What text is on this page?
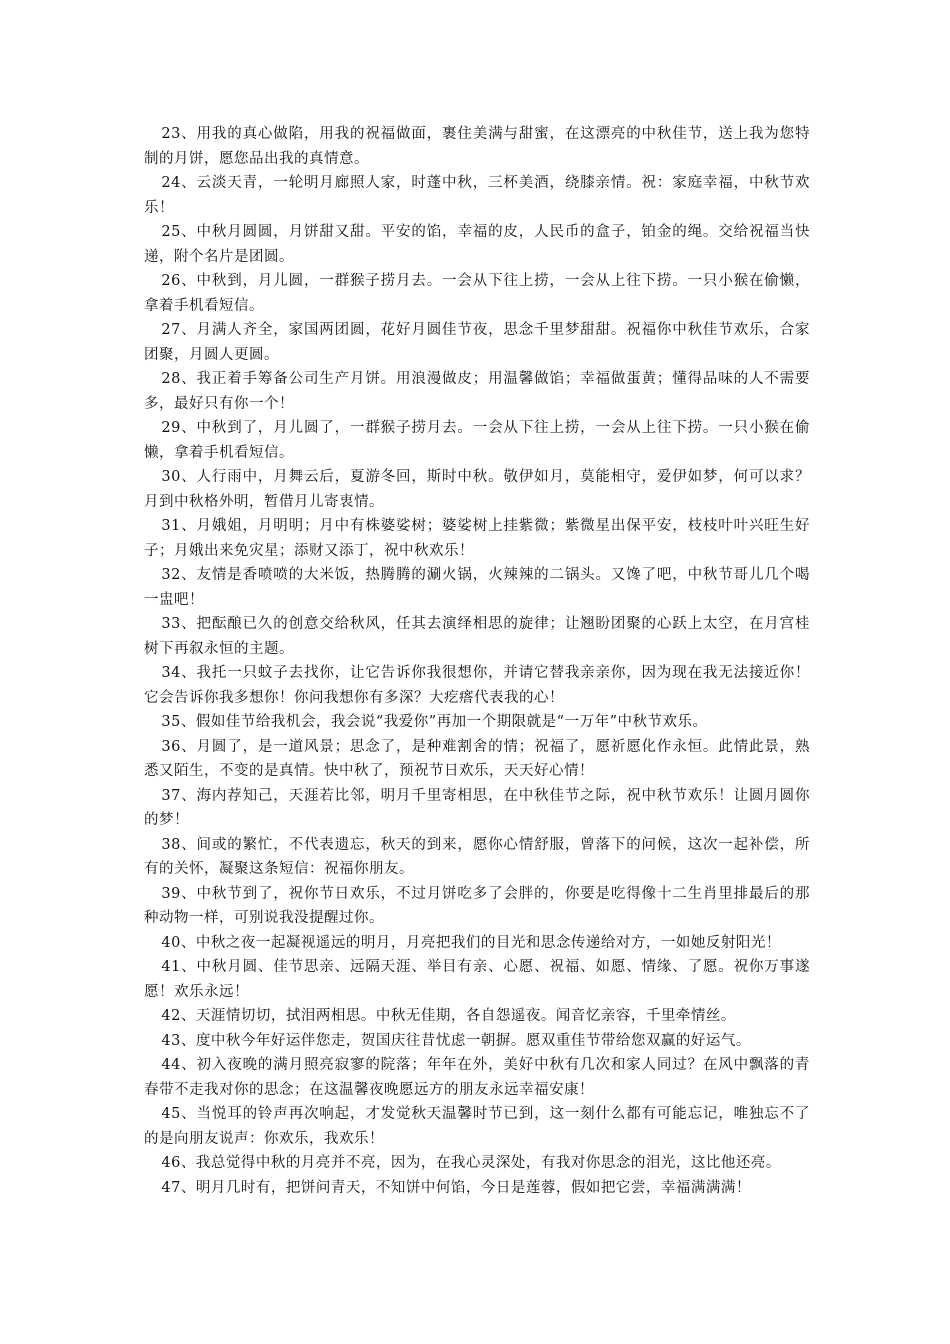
23、用我的真心做陷，用我的祝福做面，裹住美满与甜蜜，在这漂亮的中秋佳节，送上我为您特制的月饼，愿您品出我的真情意。

24、云淡天青，一轮明月廊照人家，时蓬中秋，三杯美酒，绕膝亲情。祝：家庭幸福，中秋节欢乐！

25、中秋月圆圆，月饼甜又甜。平安的馅，幸福的皮，人民币的盒子，铂金的绳。交给祝福当快递，附个名片是团圆。

26、中秋到，月儿圆，一群猴子捞月去。一会从下往上捞，一会从上往下捞。一只小猴在偷懒，拿着手机看短信。

27、月满人齐全，家国两团圆，花好月圆佳节夜，思念千里梦甜甜。祝福你中秋佳节欢乐，合家团聚，月圆人更圆。

28、我正着手筹备公司生产月饼。用浪漫做皮；用温馨做馅；幸福做蛋黄；懂得品味的人不需要多，最好只有你一个！

29、中秋到了，月儿圆了，一群猴子捞月去。一会从下往上捞，一会从上往下捞。一只小猴在偷懒，拿着手机看短信。

30、人行雨中，月舞云后，夏游冬回，斯时中秋。敬伊如月，莫能相守，爱伊如梦，何可以求？月到中秋格外明，暂借月儿寄衷情。

31、月娥姐，月明明；月中有株婆娑树；婆娑树上挂紫微；紫微星出保平安，枝枝叶叶兴旺生好子；月娥出来免灾星；添财又添丁，祝中秋欢乐！

32、友情是香喷喷的大米饭，热腾腾的涮火锅，火辣辣的二锅头。又馋了吧，中秋节哥儿几个喝一盅吧！

33、把酝酿已久的创意交给秋风，任其去演绎相思的旋律；让翘盼团聚的心跃上太空，在月宫桂树下再叙永恒的主题。

34、我托一只蚊子去找你，让它告诉你我很想你，并请它替我亲亲你，因为现在我无法接近你！它会告诉你我多想你！你问我想你有多深？大疙瘩代表我的心！

35、假如佳节给我机会，我会说“我爱你”再加一个期限就是“一万年”中秋节欢乐。

36、月圆了，是一道风景；思念了，是种难割舍的情；祝福了，愿祈愿化作永恒。此情此景，熟悉又陌生，不变的是真情。快中秋了，预祝节日欢乐，天天好心情！

37、海内荐知己，天涯若比邻，明月千里寄相思，在中秋佳节之际，祝中秋节欢乐！让圆月圆你的梦！

38、间或的繁忙，不代表遗忘，秋天的到来，愿你心情舒服，曾落下的问候，这次一起补偿，所有的关怀，凝聚这条短信：祝福你朋友。

39、中秋节到了，祝你节日欢乐，不过月饼吃多了会胖的，你要是吃得像十二生肖里排最后的那种动物一样，可别说我没提醒过你。

40、中秋之夜一起凝视遥远的明月，月亮把我们的目光和思念传递给对方，一如她反射阳光！

41、中秋月圆、佳节思亲、远隔天涯、举目有亲、心愿、祝福、如愿、情缘、了愿。祝你万事遂愿！欢乐永远！

42、天涯情切切，拭泪两相思。中秋无佳期，各自怨遥夜。闻音忆亲容，千里牵情丝。

43、度中秋今年好运伴您走，贺国庆往昔忧虑一朝摒。愿双重佳节带给您双赢的好运气。

44、初入夜晚的满月照亮寂寥的院落；年年在外，美好中秋有几次和家人同过？在风中飘落的青春带不走我对你的思念；在这温馨夜晚愿远方的朋友永远幸福安康！

45、当悦耳的铃声再次响起，才发觉秋天温馨时节已到，这一刻什么都有可能忘记，唯独忘不了的是向朋友说声：你欢乐，我欢乐！

46、我总觉得中秋的月亮并不亮，因为，在我心灵深处，有我对你思念的泪光，这比他还亮。

47、明月几时有，把饼问青天，不知饼中何馅，今日是莲蓉，假如把它尝，幸福满满满！
